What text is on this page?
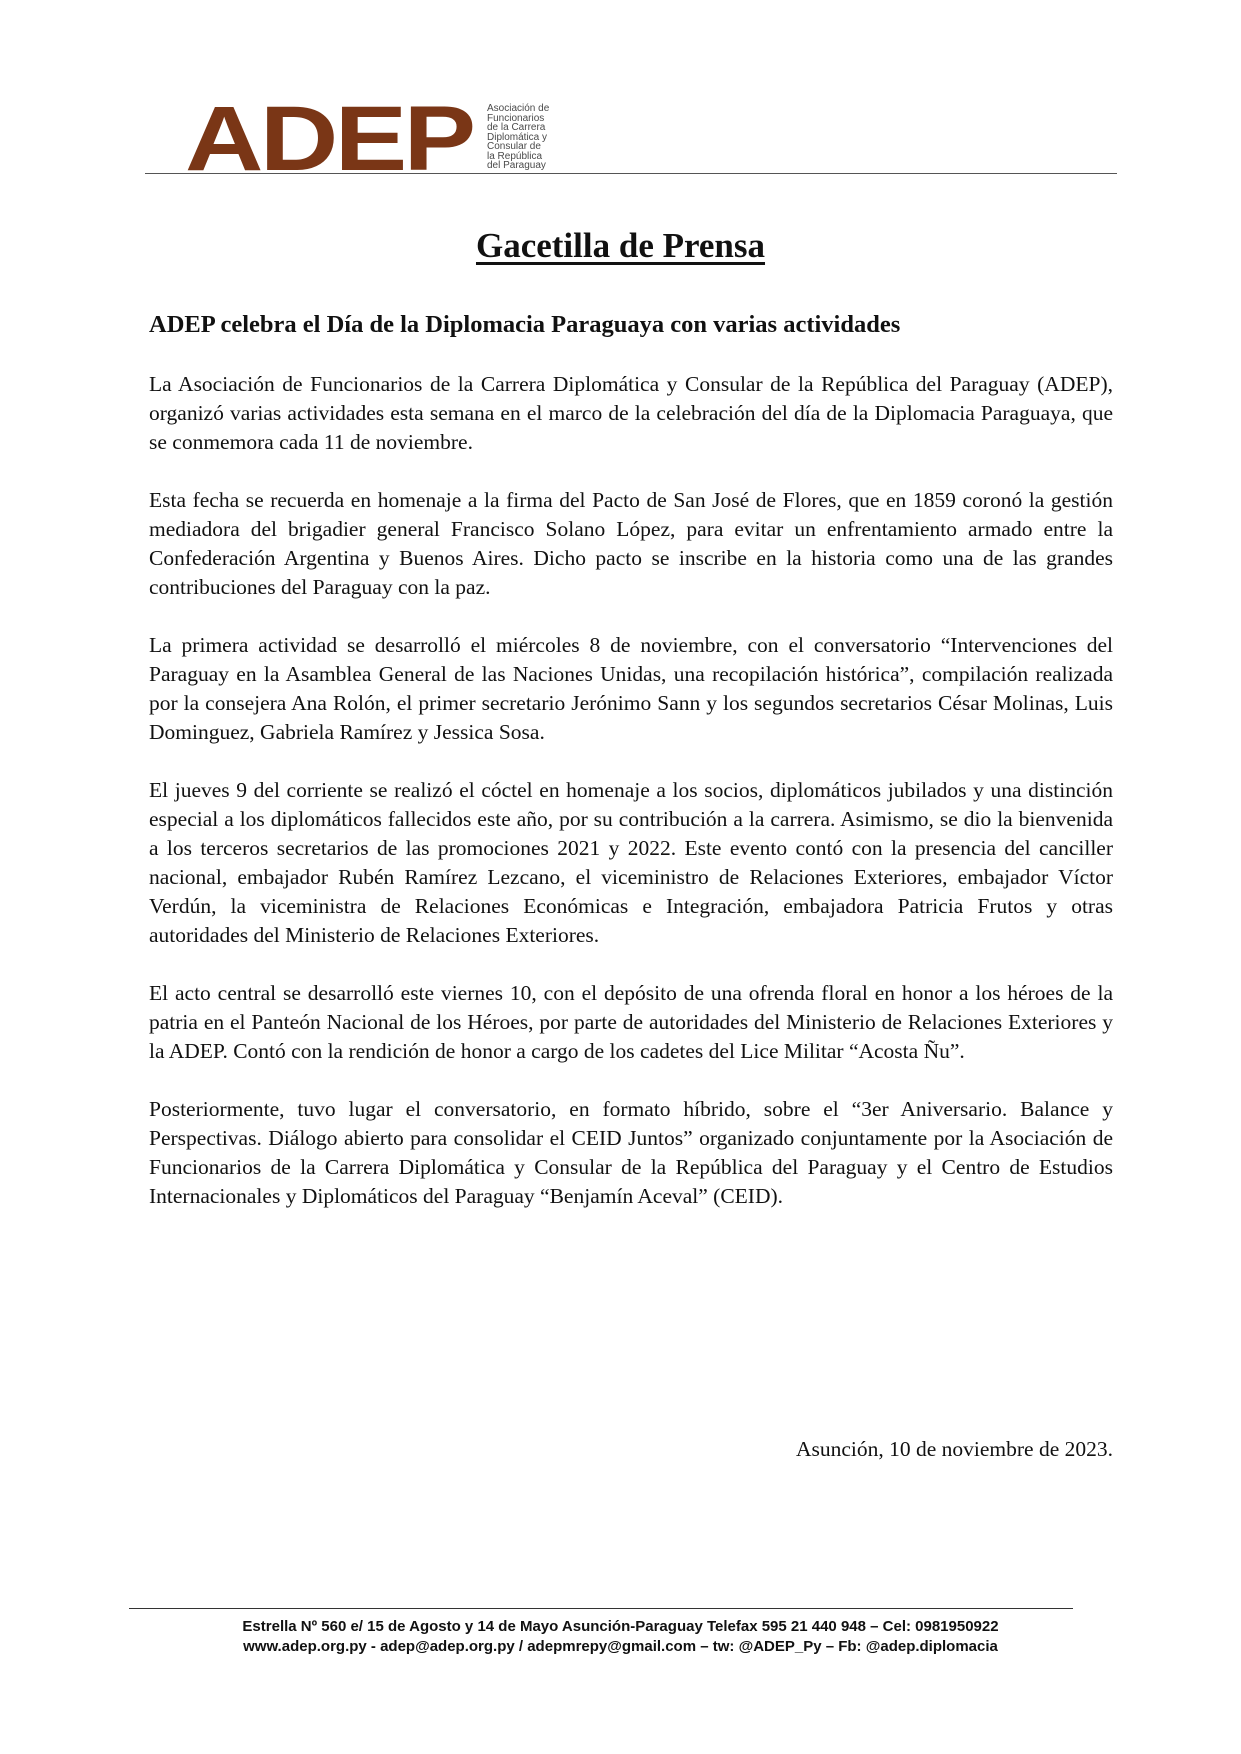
ADEP	Asociación de
Funcionarios
de la Carrera
Diplomática y
Consular de
la República
del Paraguay
Gacetilla de Prensa
ADEP celebra el Día de la Diplomacia Paraguaya con varias actividades

La Asociación de Funcionarios de la Carrera Diplomática y Consular de la República del Paraguay (ADEP), organizó varias actividades esta semana en el marco de la celebración del día de la Diplomacia Paraguaya, que se conmemora cada 11 de noviembre.

Esta fecha se recuerda en homenaje a la firma del Pacto de San José de Flores, que en 1859 coronó la gestión mediadora del brigadier general Francisco Solano López, para evitar un enfrentamiento armado entre la Confederación Argentina y Buenos Aires. Dicho pacto se inscribe en la historia como una de las grandes contribuciones del Paraguay con la paz.

La primera actividad se desarrolló el miércoles 8 de noviembre, con el conversatorio “Intervenciones del Paraguay en la Asamblea General de las Naciones Unidas, una recopilación histórica”, compilación realizada por la consejera Ana Rolón, el primer secretario Jerónimo Sann y los segundos secretarios César Molinas, Luis Dominguez, Gabriela Ramírez y Jessica Sosa.

El jueves 9 del corriente se realizó el cóctel en homenaje a los socios, diplomáticos jubilados y una distinción especial a los diplomáticos fallecidos este año, por su contribución a la carrera. Asimismo, se dio la bienvenida a los terceros secretarios de las promociones 2021 y 2022. Este evento contó con la presencia del canciller nacional, embajador Rubén Ramírez Lezcano, el viceministro de Relaciones Exteriores, embajador Víctor Verdún, la viceministra de Relaciones Económicas e Integración, embajadora Patricia Frutos y otras autoridades del Ministerio de Relaciones Exteriores.

El acto central se desarrolló este viernes 10, con el depósito de una ofrenda floral en honor a los héroes de la patria en el Panteón Nacional de los Héroes, por parte de autoridades del Ministerio de Relaciones Exteriores y la ADEP. Contó con la rendición de honor a cargo de los cadetes del Lice Militar “Acosta Ñu”.

Posteriormente, tuvo lugar el conversatorio, en formato híbrido, sobre el “3er Aniversario. Balance y Perspectivas. Diálogo abierto para consolidar el CEID Juntos” organizado conjuntamente por la Asociación de Funcionarios de la Carrera Diplomática y Consular de la República del Paraguay y el Centro de Estudios Internacionales y Diplomáticos del Paraguay “Benjamín Aceval” (CEID).

Asunción, 10 de noviembre de 2023.
Estrella Nº 560 e/ 15 de Agosto y 14 de Mayo Asunción-Paraguay Telefax 595 21 440 948 – Cel: 0981950922
www.adep.org.py - adep@adep.org.py / adepmrepy@gmail.com – tw: @ADEP_Py – Fb: @adep.diplomacia
